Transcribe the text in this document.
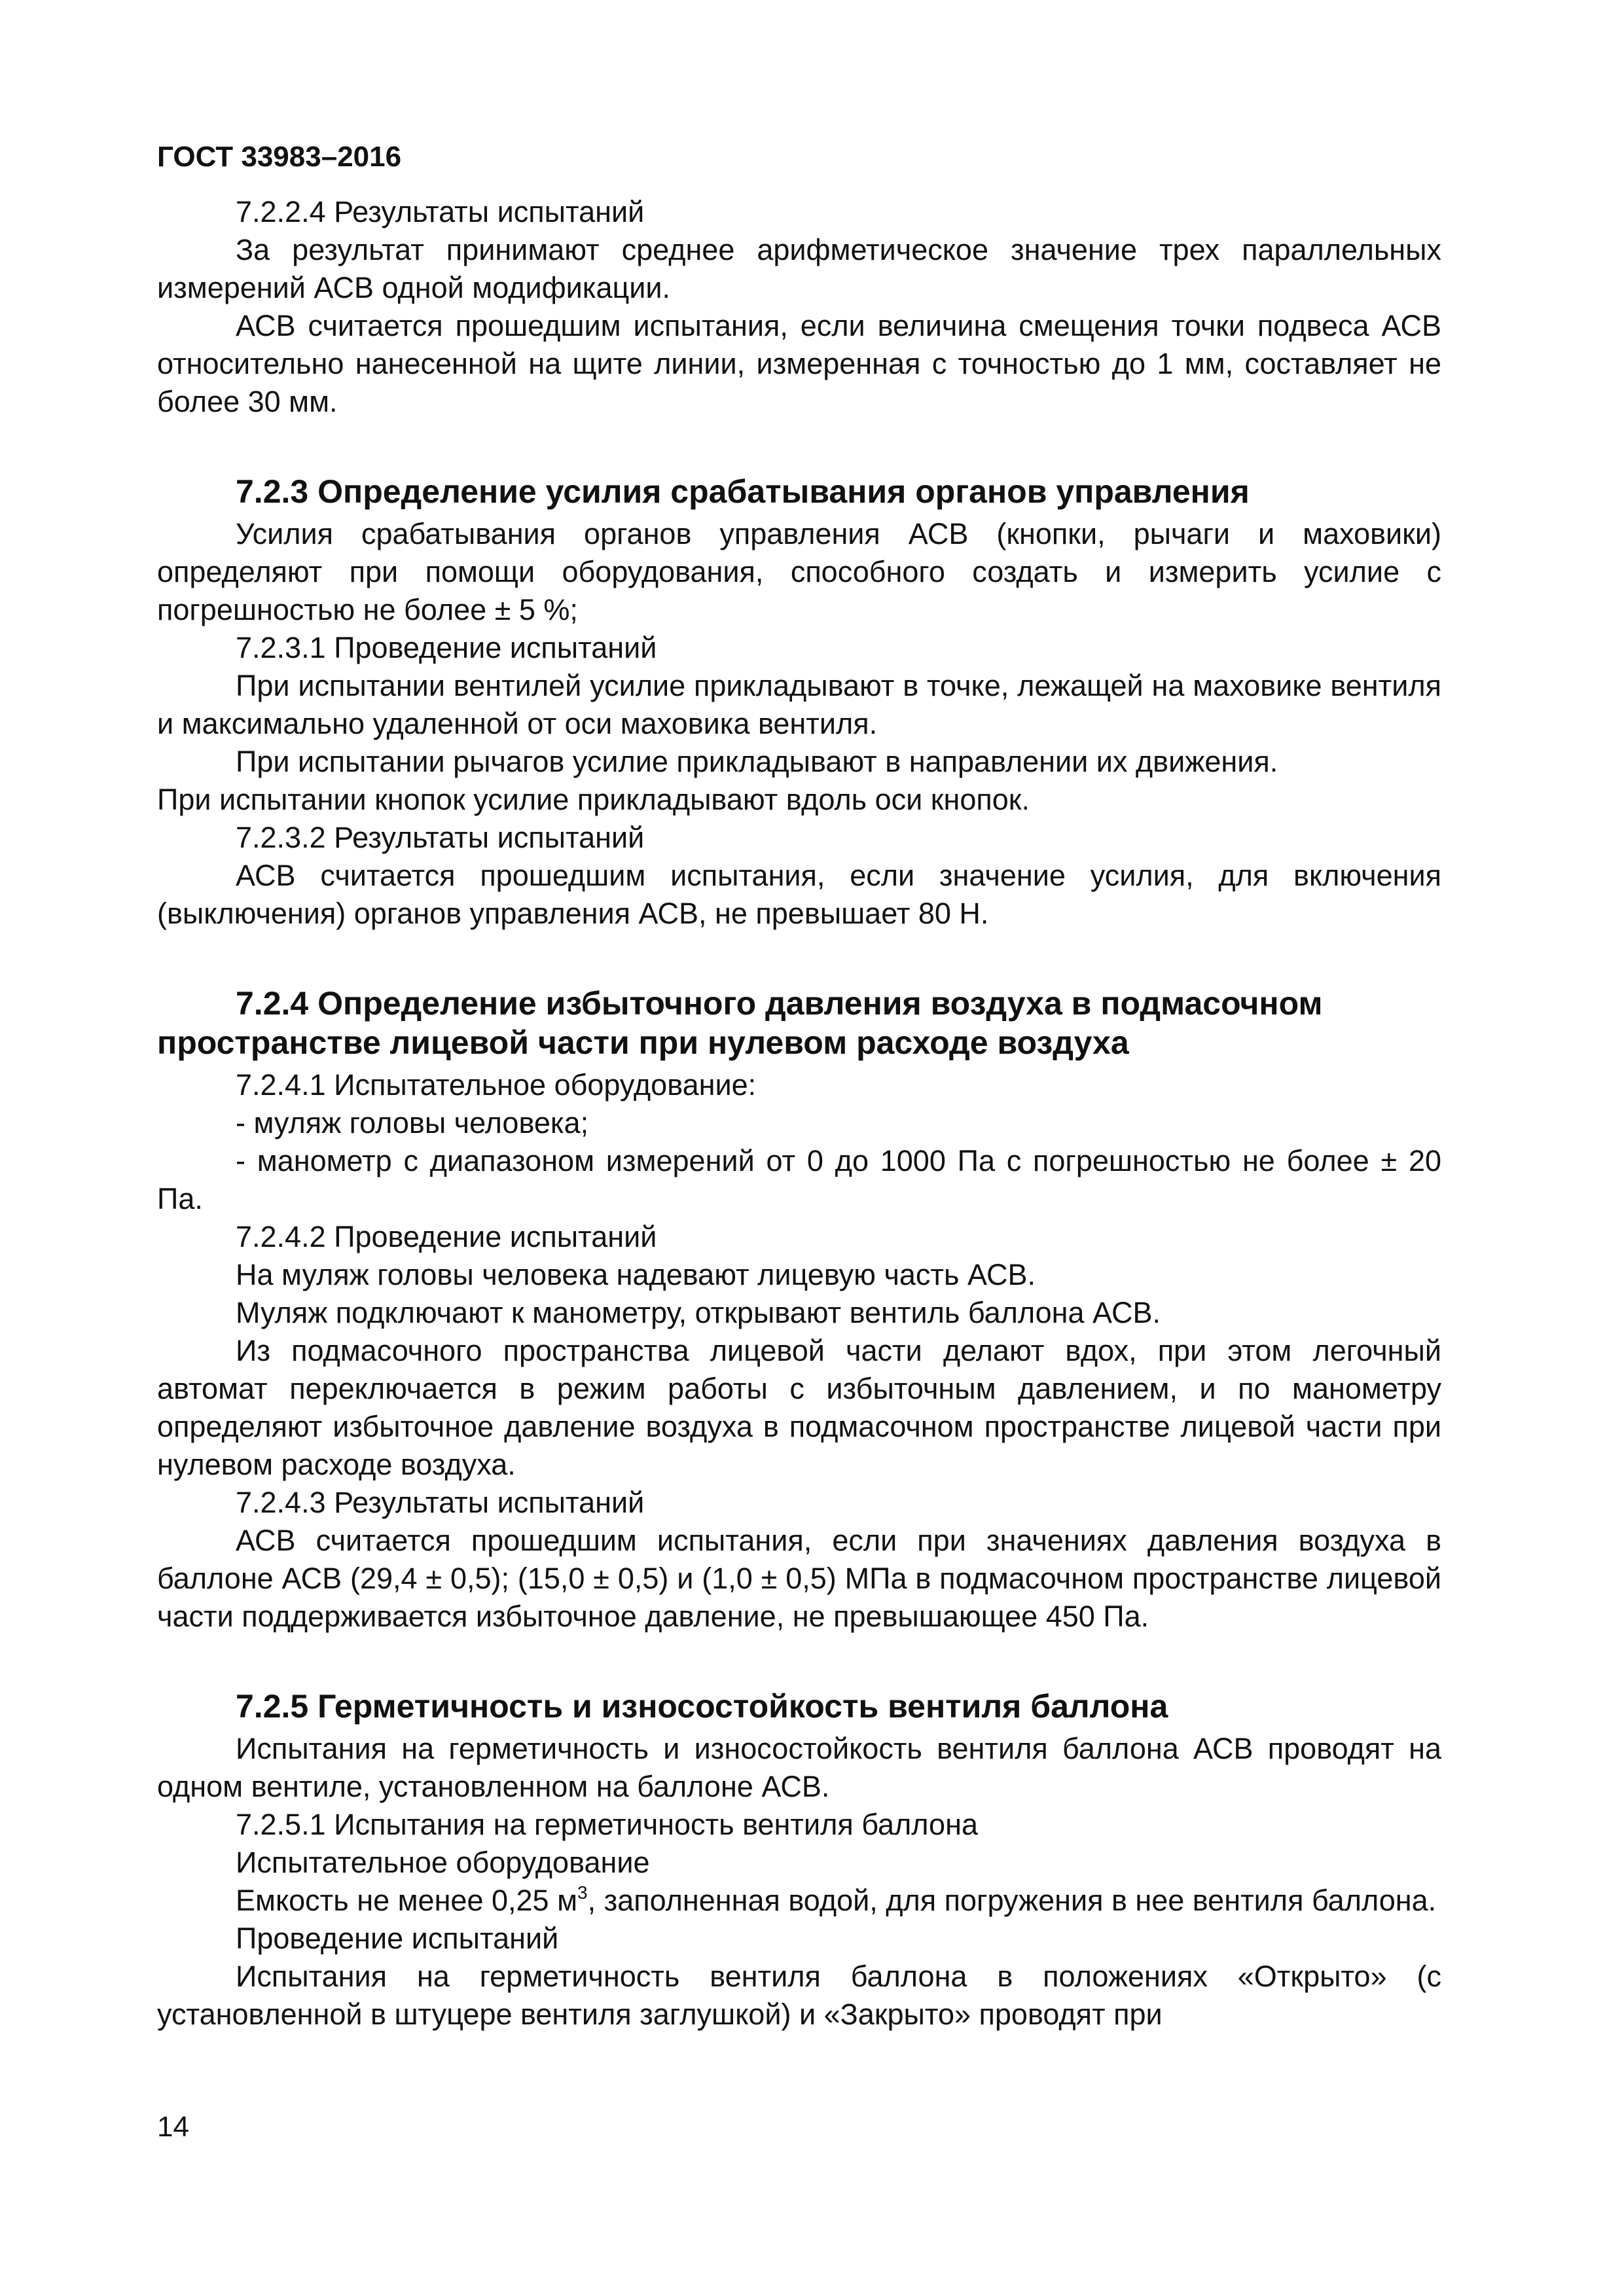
ГОСТ 33983–2016

7.2.2.4 Результаты испытаний

За результат принимают среднее арифметическое значение трех параллельных измерений АСВ одной модификации.

АСВ считается прошедшим испытания, если величина смещения точки подвеса АСВ относительно нанесенной на щите линии, измеренная с точностью до 1 мм, составляет не более 30 мм.

7.2.3 Определение усилия срабатывания органов управления

Усилия срабатывания органов управления АСВ (кнопки, рычаги и маховики) определяют при помощи оборудования, способного создать и измерить усилие с погрешностью не более ± 5 %;

7.2.3.1 Проведение испытаний

При испытании вентилей усилие прикладывают в точке, лежащей на маховике вентиля и максимально удаленной от оси маховика вентиля.

При испытании рычагов усилие прикладывают в направлении их движения.

При испытании кнопок усилие прикладывают вдоль оси кнопок.

7.2.3.2 Результаты испытаний

АСВ считается прошедшим испытания, если значение усилия, для включения (выключения) органов управления АСВ, не превышает 80 Н.

7.2.4 Определение избыточного давления воздуха в подмасочном пространстве лицевой части при нулевом расходе воздуха

7.2.4.1 Испытательное оборудование:

- муляж головы человека;

- манометр с диапазоном измерений от 0 до 1000 Па с погрешностью не более ± 20 Па.

7.2.4.2 Проведение испытаний

На муляж головы человека надевают лицевую часть АСВ.

Муляж подключают к манометру, открывают вентиль баллона АСВ.

Из подмасочного пространства лицевой части делают вдох, при этом легочный автомат переключается в режим работы с избыточным давлением, и по манометру определяют избыточное давление воздуха в подмасочном пространстве лицевой части при нулевом расходе воздуха.

7.2.4.3 Результаты испытаний

АСВ считается прошедшим испытания, если при значениях давления воздуха в баллоне АСВ (29,4 ± 0,5); (15,0 ± 0,5) и (1,0 ± 0,5) МПа в подмасочном пространстве лицевой части поддерживается избыточное давление, не превышающее 450 Па.

7.2.5 Герметичность и износостойкость вентиля баллона

Испытания на герметичность и износостойкость вентиля баллона АСВ проводят на одном вентиле, установленном на баллоне АСВ.

7.2.5.1 Испытания на герметичность вентиля баллона

Испытательное оборудование

Емкость не менее 0,25 $м^3$, заполненная водой, для погружения в нее вентиля баллона.

Проведение испытаний

Испытания на герметичность вентиля баллона в положениях «Открыто» (с установленной в штуцере вентиля заглушкой) и «Закрыто» проводят при

14
